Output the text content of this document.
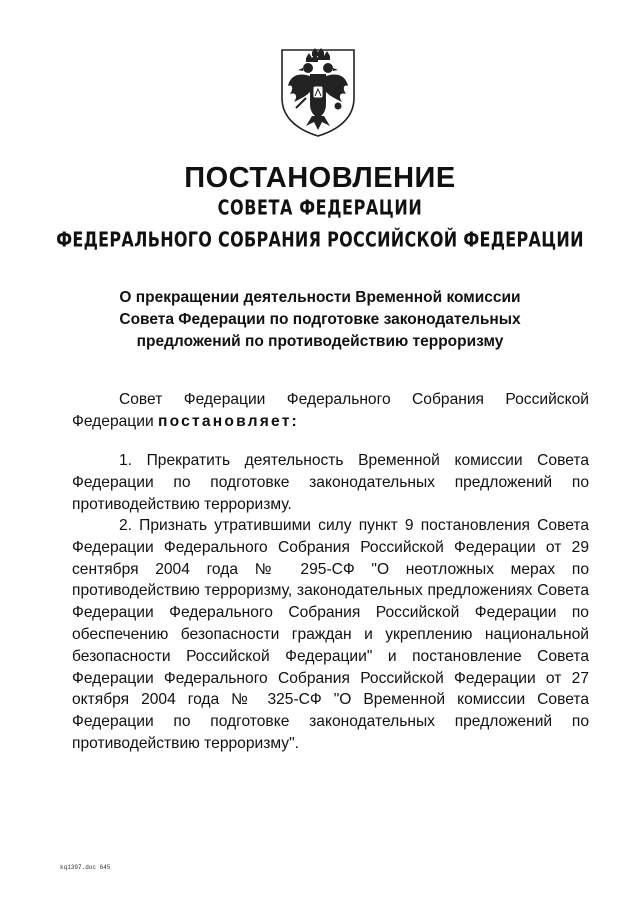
ПОСТАНОВЛЕНИЕ
СОВЕТА ФЕДЕРАЦИИ
ФЕДЕРАЛЬНОГО СОБРАНИЯ РОССИЙСКОЙ ФЕДЕРАЦИИ
О прекращении деятельности Временной комиссии
Совета Федерации по подготовке законодательных
предложений по противодействию терроризму
Совет Федерации Федерального Собрания Российской Федерации постановляет:
1. Прекратить деятельность Временной комиссии Совета Федерации по подготовке законодательных предложений по противодействию терроризму.
2. Признать утратившими силу пункт 9 постановления Совета Федерации Федерального Собрания Российской Федерации от 29 сентября 2004 года № 295-СФ "О неотложных мерах по противодействию терроризму, законодательных предложениях Совета Федерации Федерального Собрания Российской Федерации по обеспечению безопасности граждан и укреплению национальной безопасности Российской Федерации" и постановление Совета Федерации Федерального Собрания Российской Федерации от 27 октября 2004 года № 325-СФ "О Временной комиссии Совета Федерации по подготовке законодательных предложений по противодействию терроризму".
kq1397.doc 645
